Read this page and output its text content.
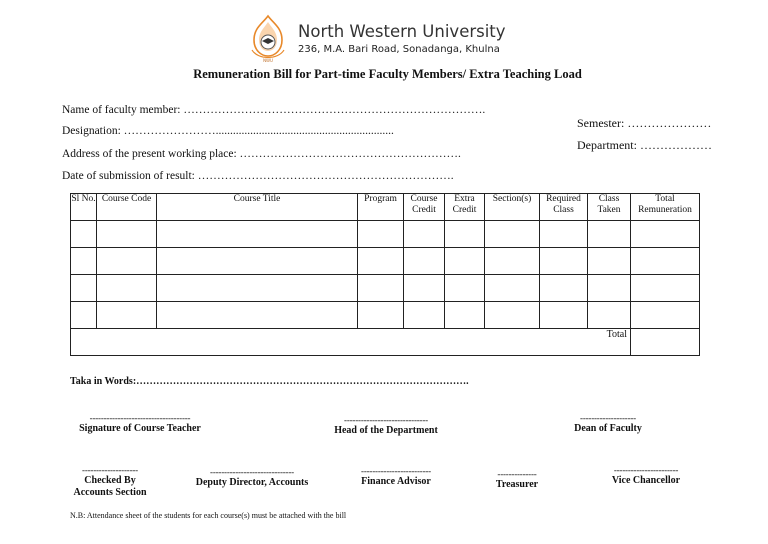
NWU
North Western University
236, M.A. Bari Road, Sonadanga, Khulna
Remuneration Bill for Part-time Faculty Members/ Extra Teaching Load
Name of faculty member: …………………………………………………………………….
Designation: ……………………..............................................................
Address of the present working place: ………………………………………………….
Date of submission of result: ………………………………………………………….
Semester: …………………
Department: ………………
Sl No.	Course Code	Course Title	Program	Course Credit	Extra Credit	Section(s)	Required Class	Class Taken	Total Remuneration

Total									
Taka in Words:……………………………………………………………………………………….
------------------------------------
Signature of Course Teacher
------------------------------
Head of the Department
--------------------
Dean of Faculty
--------------------
Checked By
Accounts Section
------------------------------
Deputy Director, Accounts
-------------------------
Finance Advisor
--------------
Treasurer
-----------------------
Vice Chancellor
N.B: Attendance sheet of the students for each course(s) must be attached with the bill
